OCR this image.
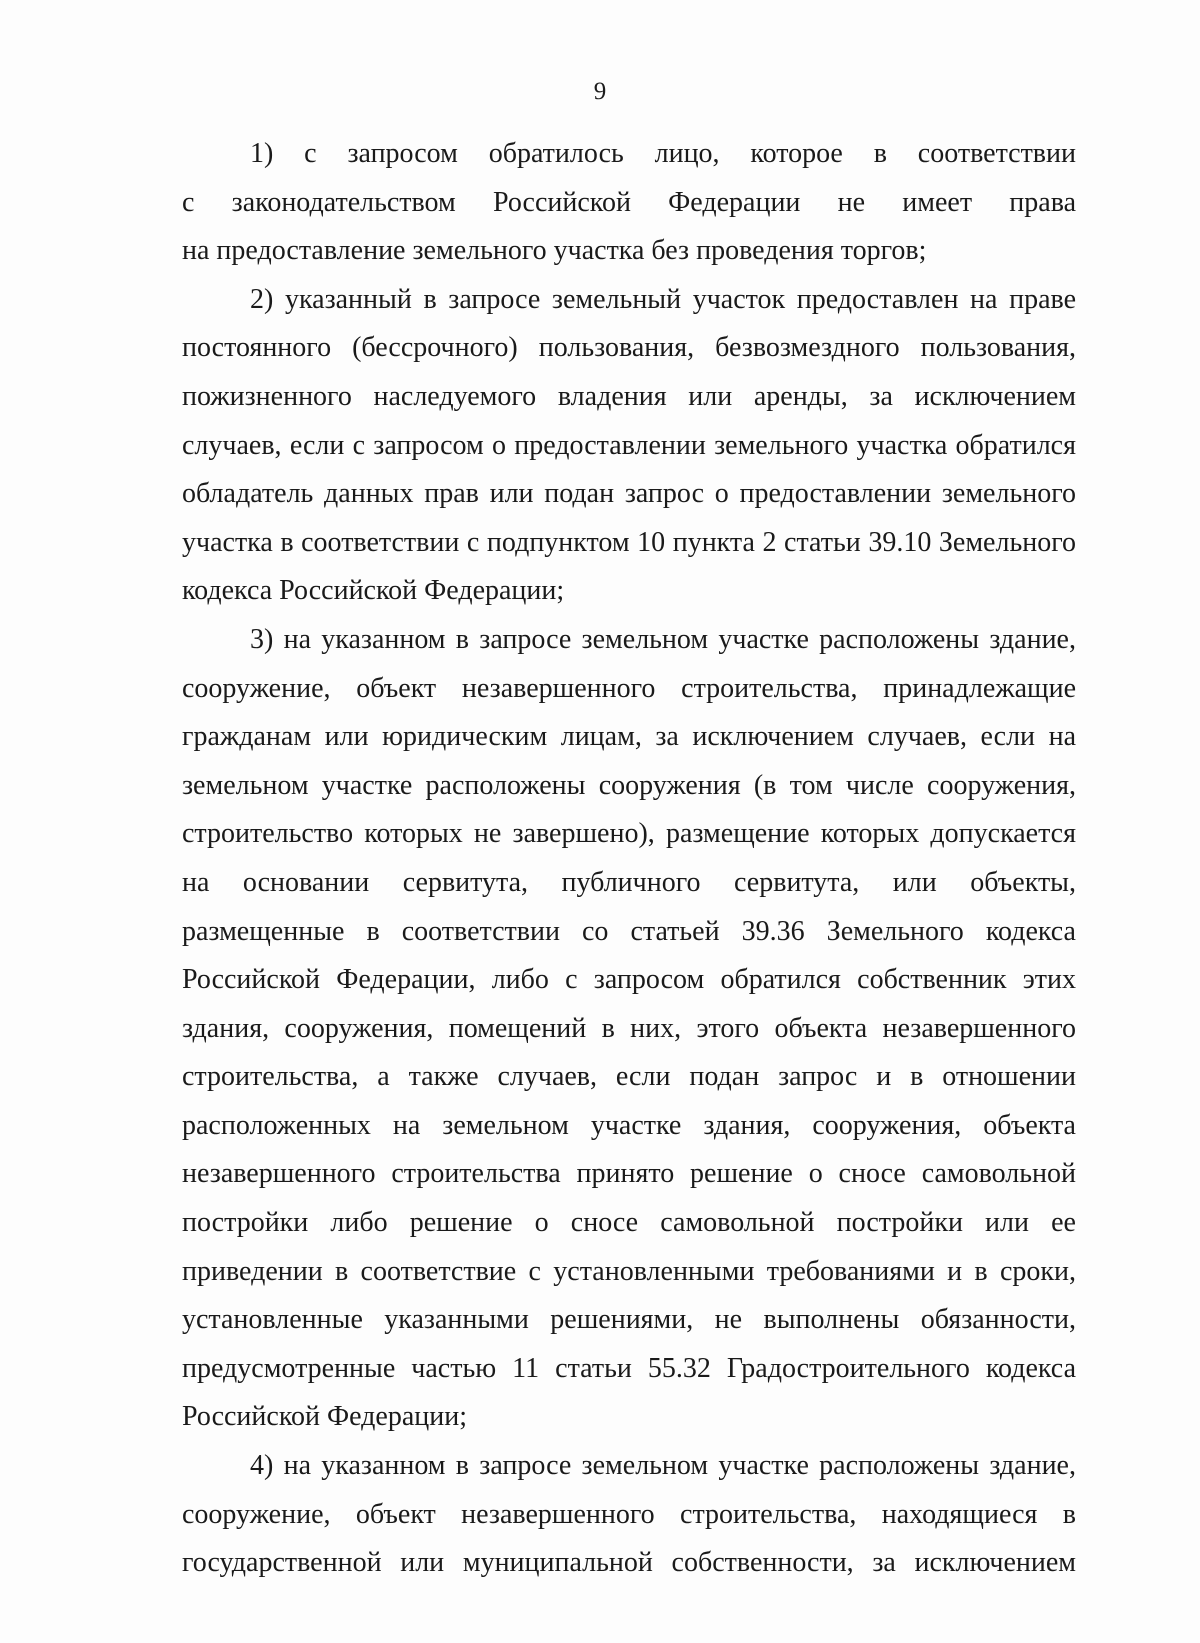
9
1) с запросом обратилось лицо, которое в соответствии
с законодательством Российской Федерации не имеет права
на предоставление земельного участка без проведения торгов;
2) указанный в запросе земельный участок предоставлен на праве
постоянного (бессрочного) пользования, безвозмездного пользования,
пожизненного наследуемого владения или аренды, за исключением
случаев, если с запросом о предоставлении земельного участка обратился
обладатель данных прав или подан запрос о предоставлении земельного
участка в соответствии с подпунктом 10 пункта 2 статьи 39.10 Земельного
кодекса Российской Федерации;
3) на указанном в запросе земельном участке расположены здание,
сооружение, объект незавершенного строительства, принадлежащие
гражданам или юридическим лицам, за исключением случаев, если на
земельном участке расположены сооружения (в том числе сооружения,
строительство которых не завершено), размещение которых допускается
на основании сервитута, публичного сервитута, или объекты,
размещенные в соответствии со статьей 39.36 Земельного кодекса
Российской Федерации, либо с запросом обратился собственник этих
здания, сооружения, помещений в них, этого объекта незавершенного
строительства, а также случаев, если подан запрос и в отношении
расположенных на земельном участке здания, сооружения, объекта
незавершенного строительства принято решение о сносе самовольной
постройки либо решение о сносе самовольной постройки или ее
приведении в соответствие с установленными требованиями и в сроки,
установленные указанными решениями, не выполнены обязанности,
предусмотренные частью 11 статьи 55.32 Градостроительного кодекса
Российской Федерации;
4) на указанном в запросе земельном участке расположены здание,
сооружение, объект незавершенного строительства, находящиеся в
государственной или муниципальной собственности, за исключением
